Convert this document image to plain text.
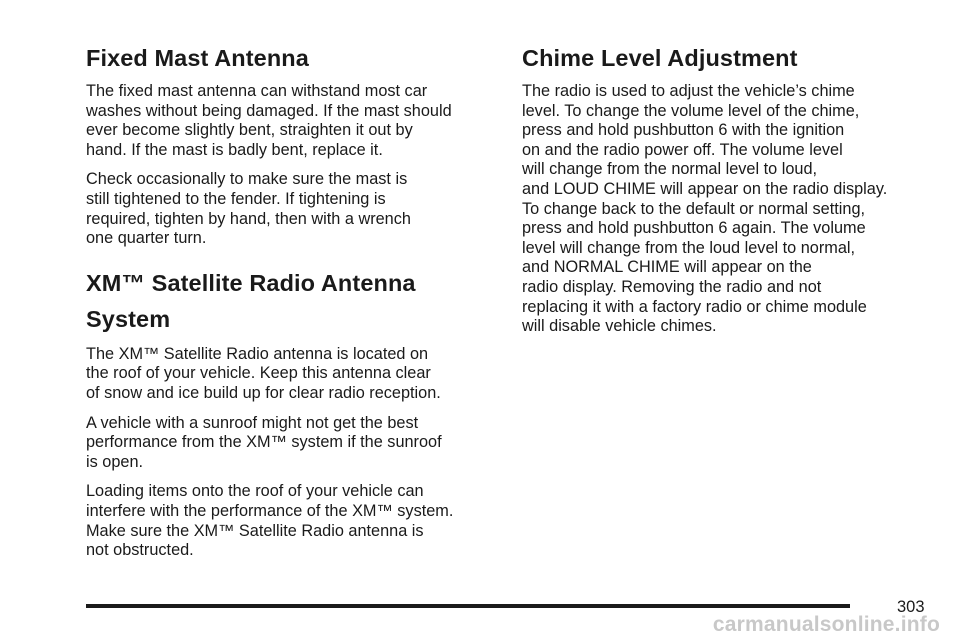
Fixed Mast Antenna

The fixed mast antenna can withstand most car
washes without being damaged. If the mast should
ever become slightly bent, straighten it out by
hand. If the mast is badly bent, replace it.

Check occasionally to make sure the mast is
still tightened to the fender. If tightening is
required, tighten by hand, then with a wrench
one quarter turn.

XM™ Satellite Radio Antenna
System

The XM™ Satellite Radio antenna is located on
the roof of your vehicle. Keep this antenna clear
of snow and ice build up for clear radio reception.

A vehicle with a sunroof might not get the best
performance from the XM™ system if the sunroof
is open.

Loading items onto the roof of your vehicle can
interfere with the performance of the XM™ system.
Make sure the XM™ Satellite Radio antenna is
not obstructed.

Chime Level Adjustment

The radio is used to adjust the vehicle’s chime
level. To change the volume level of the chime,
press and hold pushbutton 6 with the ignition
on and the radio power off. The volume level
will change from the normal level to loud,
and LOUD CHIME will appear on the radio display.
To change back to the default or normal setting,
press and hold pushbutton 6 again. The volume
level will change from the loud level to normal,
and NORMAL CHIME will appear on the
radio display. Removing the radio and not
replacing it with a factory radio or chime module
will disable vehicle chimes.

303
carmanualsonline.info
